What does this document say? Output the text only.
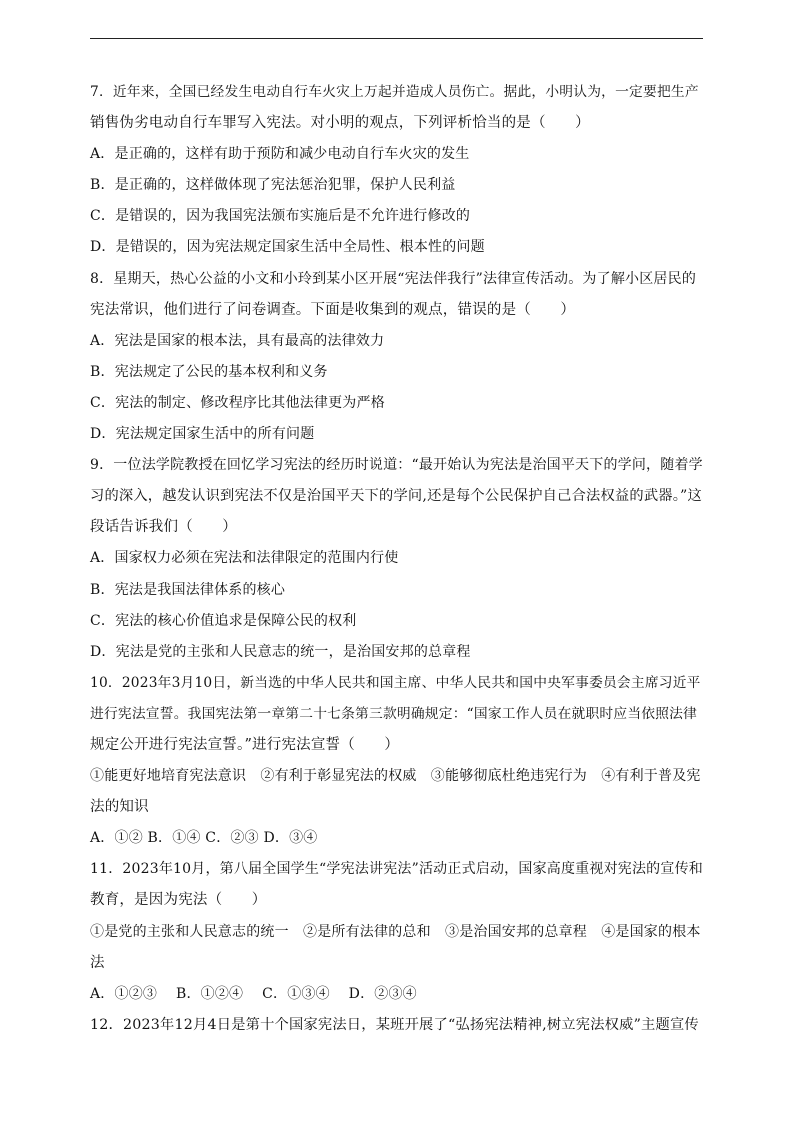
7．近年来，全国已经发生电动自行车火灾上万起并造成人员伤亡。据此，小明认为，一定要把生产
销售伪劣电动自行车罪写入宪法。对小明的观点，下列评析恰当的是（　　）
A．是正确的，这样有助于预防和减少电动自行车火灾的发生
B．是正确的，这样做体现了宪法惩治犯罪，保护人民利益
C．是错误的，因为我国宪法颁布实施后是不允许进行修改的
D．是错误的，因为宪法规定国家生活中全局性、根本性的问题
8．星期天，热心公益的小文和小玲到某小区开展“宪法伴我行”法律宣传活动。为了解小区居民的
宪法常识，他们进行了问卷调查。下面是收集到的观点，错误的是（　　）
A．宪法是国家的根本法，具有最高的法律效力
B．宪法规定了公民的基本权利和义务
C．宪法的制定、修改程序比其他法律更为严格
D．宪法规定国家生活中的所有问题
9．一位法学院教授在回忆学习宪法的经历时说道：“最开始认为宪法是治国平天下的学问，随着学
习的深入，越发认识到宪法不仅是治国平天下的学问,还是每个公民保护自己合法权益的武器。”这
段话告诉我们（　　）
A．国家权力必须在宪法和法律限定的范围内行使
B．宪法是我国法律体系的核心
C．宪法的核心价值追求是保障公民的权利
D．宪法是党的主张和人民意志的统一，是治国安邦的总章程
10．2023年3月10日，新当选的中华人民共和国主席、中华人民共和国中央军事委员会主席习近平
进行宪法宣誓。我国宪法第一章第二十七条第三款明确规定：“国家工作人员在就职时应当依照法律
规定公开进行宪法宣誓。”进行宪法宣誓（　　）
①能更好地培育宪法意识　②有利于彰显宪法的权威　③能够彻底杜绝违宪行为　④有利于普及宪
法的知识
A．①② B．①④ C．②③ D．③④
11．2023年10月，第八届全国学生“学宪法讲宪法”活动正式启动，国家高度重视对宪法的宣传和
教育，是因为宪法（　　）
①是党的主张和人民意志的统一　②是所有法律的总和　③是治国安邦的总章程　④是国家的根本
法
A．①②③　 B．①②④　 C．①③④　 D．②③④
12．2023年12月4日是第十个国家宪法日，某班开展了“弘扬宪法精神,树立宪法权威”主题宣传
